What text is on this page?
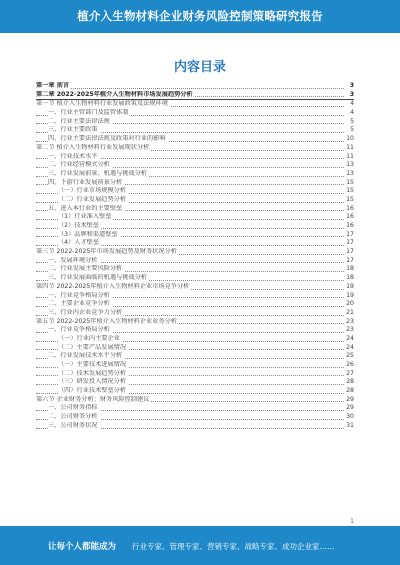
植介入生物材料企业财务风险控制策略研究报告
内容目录
第一章 前言	3
第二章 2022-2025年植介入生物材料市场发展趋势分析	3
第一节 植介入生物材料行业发展政策及法规环境	4
一、行业主管部门及监管体制	4
二、行业主要法律法规	5
三、行业主要政策	5
四、行业主要法律法规及政策对行业的影响	10
第二节 植介入生物材料行业发展现状分析	11
一、行业技术水平	11
二、行业经营模式分析	13
三、行业发展前景、机遇与挑战分析	13
四、下游行业发展前景分析	15
（一）行业市场规模分析	15
（二）行业发展趋势分析	15
五、进入本行业的主要壁垒	16
（1）行业准入壁垒	16
（2）技术壁垒	16
（3）品牌和渠道壁垒	17
（4）人才壁垒	17
第三节 2022-2025年市场发展趋势及财务状况分析	17
一、发展环境分析	17
二、行业发展主要风险分析	18
三、行业发展面临的机遇与挑战分析	18
第四节 2022-2025年植介入生物材料企业市场竞争分析	19
一、行业竞争格局分析	19
二、主要企业竞争分析	20
三、行业内企业竞争力分析	21
第五节 2022-2025年植介入生物材料企业业务分析	23
一、行业竞争格局分析	23
（一）行业内主要企业	24
（二）主要产品发展情况	24
二、行业发展技术水平分析	25
（一）主要技术进展情况	26
（二）技术发展趋势分析	27
（三）研发投入情况分析	28
（四）行业技术壁垒分析	28
第六节 企业财务分析：财务风险控制建议	29
一、公司财务指标	29
二、公司财务分析	30
三、公司财务状况	31
1
让每个人都能成为 行业专家、管理专家、营销专家、战略专家、成功企业家……
